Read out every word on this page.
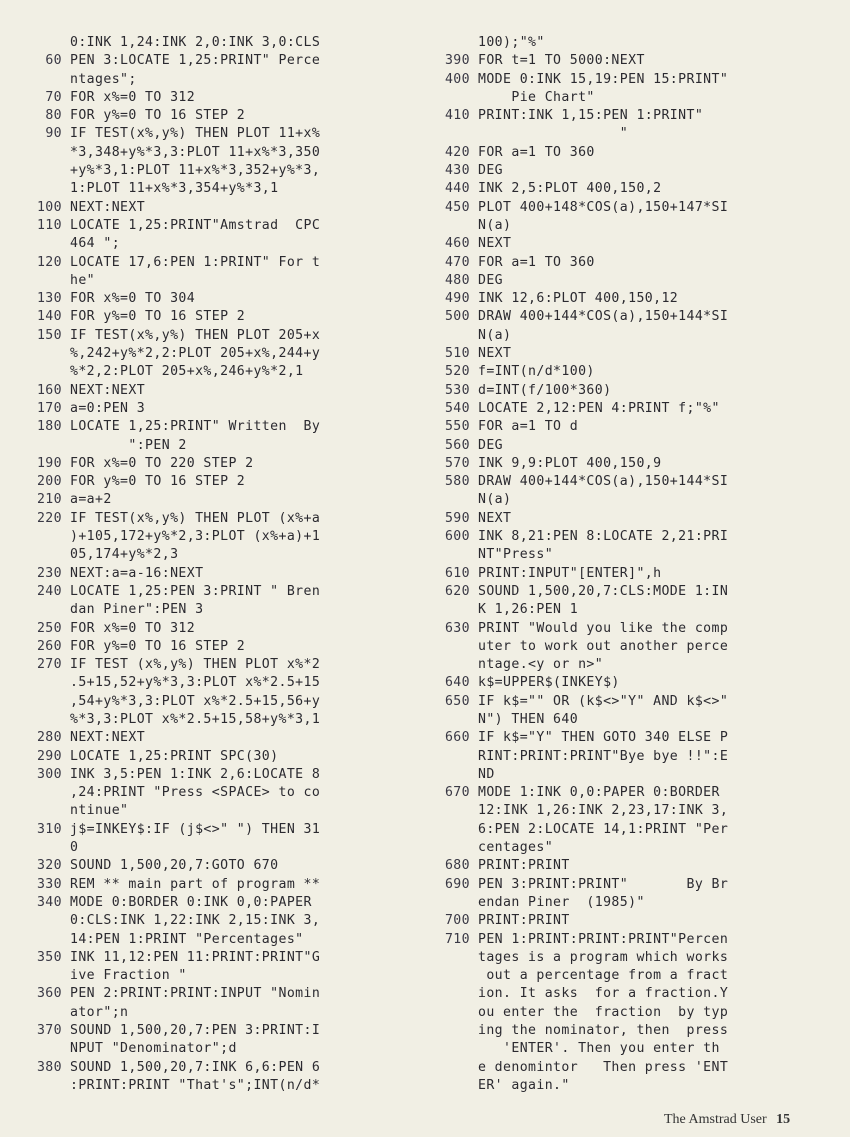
0:INK 1,24:INK 2,0:INK 3,0:CLS
60 PEN 3:LOCATE 1,25:PRINT" Perce
ntages";
70 FOR x%=0 TO 312
80 FOR y%=0 TO 16 STEP 2
90 IF TEST(x%,y%) THEN PLOT 11+x%
*3,348+y%*3,3:PLOT 11+x%*3,350
+y%*3,1:PLOT 11+x%*3,352+y%*3,
1:PLOT 11+x%*3,354+y%*3,1
100 NEXT:NEXT
110 LOCATE 1,25:PRINT"Amstrad  CPC
464 ";
120 LOCATE 17,6:PEN 1:PRINT" For t
he"
130 FOR x%=0 TO 304
140 FOR y%=0 TO 16 STEP 2
150 IF TEST(x%,y%) THEN PLOT 205+x
%,242+y%*2,2:PLOT 205+x%,244+y
%*2,2:PLOT 205+x%,246+y%*2,1
160 NEXT:NEXT
170 a=0:PEN 3
180 LOCATE 1,25:PRINT" Written  By
":PEN 2
190 FOR x%=0 TO 220 STEP 2
200 FOR y%=0 TO 16 STEP 2
210 a=a+2
220 IF TEST(x%,y%) THEN PLOT (x%+a
)+105,172+y%*2,3:PLOT (x%+a)+1
05,174+y%*2,3
230 NEXT:a=a-16:NEXT
240 LOCATE 1,25:PEN 3:PRINT " Bren
dan Piner":PEN 3
250 FOR x%=0 TO 312
260 FOR y%=0 TO 16 STEP 2
270 IF TEST (x%,y%) THEN PLOT x%*2
.5+15,52+y%*3,3:PLOT x%*2.5+15
,54+y%*3,3:PLOT x%*2.5+15,56+y
%*3,3:PLOT x%*2.5+15,58+y%*3,1
280 NEXT:NEXT
290 LOCATE 1,25:PRINT SPC(30)
300 INK 3,5:PEN 1:INK 2,6:LOCATE 8
,24:PRINT "Press <SPACE> to co
ntinue"
310 j$=INKEY$:IF (j$<>" ") THEN 31
0
320 SOUND 1,500,20,7:GOTO 670
330 REM ** main part of program **
340 MODE 0:BORDER 0:INK 0,0:PAPER
0:CLS:INK 1,22:INK 2,15:INK 3,
14:PEN 1:PRINT "Percentages"
350 INK 11,12:PEN 11:PRINT:PRINT"G
ive Fraction "
360 PEN 2:PRINT:PRINT:INPUT "Nomin
ator";n
370 SOUND 1,500,20,7:PEN 3:PRINT:I
NPUT "Denominator";d
380 SOUND 1,500,20,7:INK 6,6:PEN 6
:PRINT:PRINT "That's";INT(n/d*
100);"%"
390 FOR t=1 TO 5000:NEXT
400 MODE 0:INK 15,19:PEN 15:PRINT"
Pie Chart"
410 PRINT:INK 1,15:PEN 1:PRINT"
"
420 FOR a=1 TO 360
430 DEG
440 INK 2,5:PLOT 400,150,2
450 PLOT 400+148*COS(a),150+147*SI
N(a)
460 NEXT
470 FOR a=1 TO 360
480 DEG
490 INK 12,6:PLOT 400,150,12
500 DRAW 400+144*COS(a),150+144*SI
N(a)
510 NEXT
520 f=INT(n/d*100)
530 d=INT(f/100*360)
540 LOCATE 2,12:PEN 4:PRINT f;"%"
550 FOR a=1 TO d
560 DEG
570 INK 9,9:PLOT 400,150,9
580 DRAW 400+144*COS(a),150+144*SI
N(a)
590 NEXT
600 INK 8,21:PEN 8:LOCATE 2,21:PRI
NT"Press"
610 PRINT:INPUT"[ENTER]",h
620 SOUND 1,500,20,7:CLS:MODE 1:IN
K 1,26:PEN 1
630 PRINT "Would you like the comp
uter to work out another perce
ntage.<y or n>"
640 k$=UPPER$(INKEY$)
650 IF k$="" OR (k$<>"Y" AND k$<>"
N") THEN 640
660 IF k$="Y" THEN GOTO 340 ELSE P
RINT:PRINT:PRINT"Bye bye !!":E
ND
670 MODE 1:INK 0,0:PAPER 0:BORDER
12:INK 1,26:INK 2,23,17:INK 3,
6:PEN 2:LOCATE 14,1:PRINT "Per
centages"
680 PRINT:PRINT
690 PEN 3:PRINT:PRINT"       By Br
endan Piner  (1985)"
700 PRINT:PRINT
710 PEN 1:PRINT:PRINT:PRINT"Percen
tages is a program which works
out a percentage from a fract
ion. It asks  for a fraction.Y
ou enter the  fraction  by typ
ing the nominator, then  press
'ENTER'. Then you enter th
e denomintor   Then press 'ENT
ER' again."
The Amstrad User 15
